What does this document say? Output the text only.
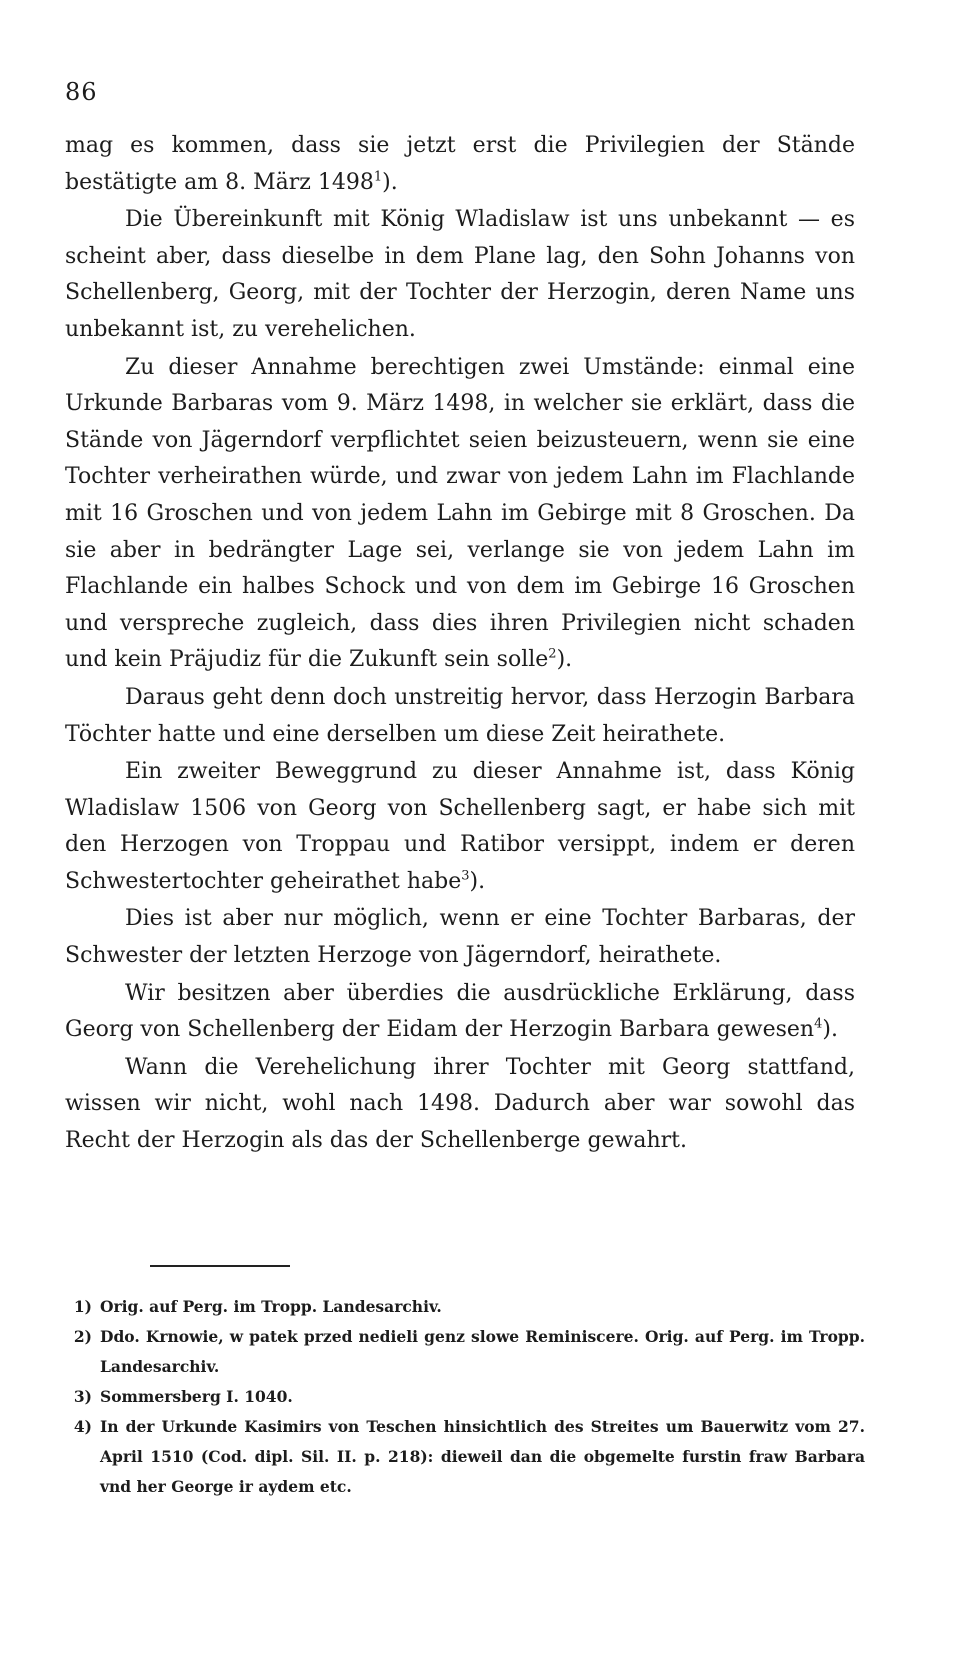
86

mag es kommen, dass sie jetzt erst die Privilegien der Stände bestätigte am 8. März 1498$^1$).

Die Übereinkunft mit König Wladislaw ist uns unbekannt — es scheint aber, dass dieselbe in dem Plane lag, den Sohn Johanns von Schellenberg, Georg, mit der Tochter der Herzogin, deren Name uns unbekannt ist, zu verehelichen.

Zu dieser Annahme berechtigen zwei Umstände: einmal eine Urkunde Barbaras vom 9. März 1498, in welcher sie erklärt, dass die Stände von Jägerndorf verpflichtet seien beizusteuern, wenn sie eine Tochter verheirathen würde, und zwar von jedem Lahn im Flachlande mit 16 Groschen und von jedem Lahn im Gebirge mit 8 Groschen. Da sie aber in bedrängter Lage sei, verlange sie von jedem Lahn im Flachlande ein halbes Schock und von dem im Gebirge 16 Groschen und verspreche zugleich, dass dies ihren Privilegien nicht schaden und kein Präjudiz für die Zukunft sein solle$^2$).

Daraus geht denn doch unstreitig hervor, dass Herzogin Barbara Töchter hatte und eine derselben um diese Zeit heirathete.

Ein zweiter Beweggrund zu dieser Annahme ist, dass König Wladislaw 1506 von Georg von Schellenberg sagt, er habe sich mit den Herzogen von Troppau und Ratibor versippt, indem er deren Schwestertochter geheirathet habe$^3$).

Dies ist aber nur möglich, wenn er eine Tochter Barbaras, der Schwester der letzten Herzoge von Jägerndorf, heirathete.

Wir besitzen aber überdies die ausdrückliche Erklärung, dass Georg von Schellenberg der Eidam der Herzogin Barbara gewesen$^4$).

Wann die Verehelichung ihrer Tochter mit Georg stattfand, wissen wir nicht, wohl nach 1498. Dadurch aber war sowohl das Recht der Herzogin als das der Schellenberge gewahrt.

1) Orig. auf Perg. im Tropp. Landesarchiv.
2) Ddo. Krnowie, w patek przed nedieli genz slowe Reminiscere. Orig. auf Perg. im Tropp. Landesarchiv.
3) Sommersberg I. 1040.
4) In der Urkunde Kasimirs von Teschen hinsichtlich des Streites um Bauerwitz vom 27. April 1510 (Cod. dipl. Sil. II. p. 218): dieweil dan die obgemelte furstin fraw Barbara vnd her George ir aydem etc.
